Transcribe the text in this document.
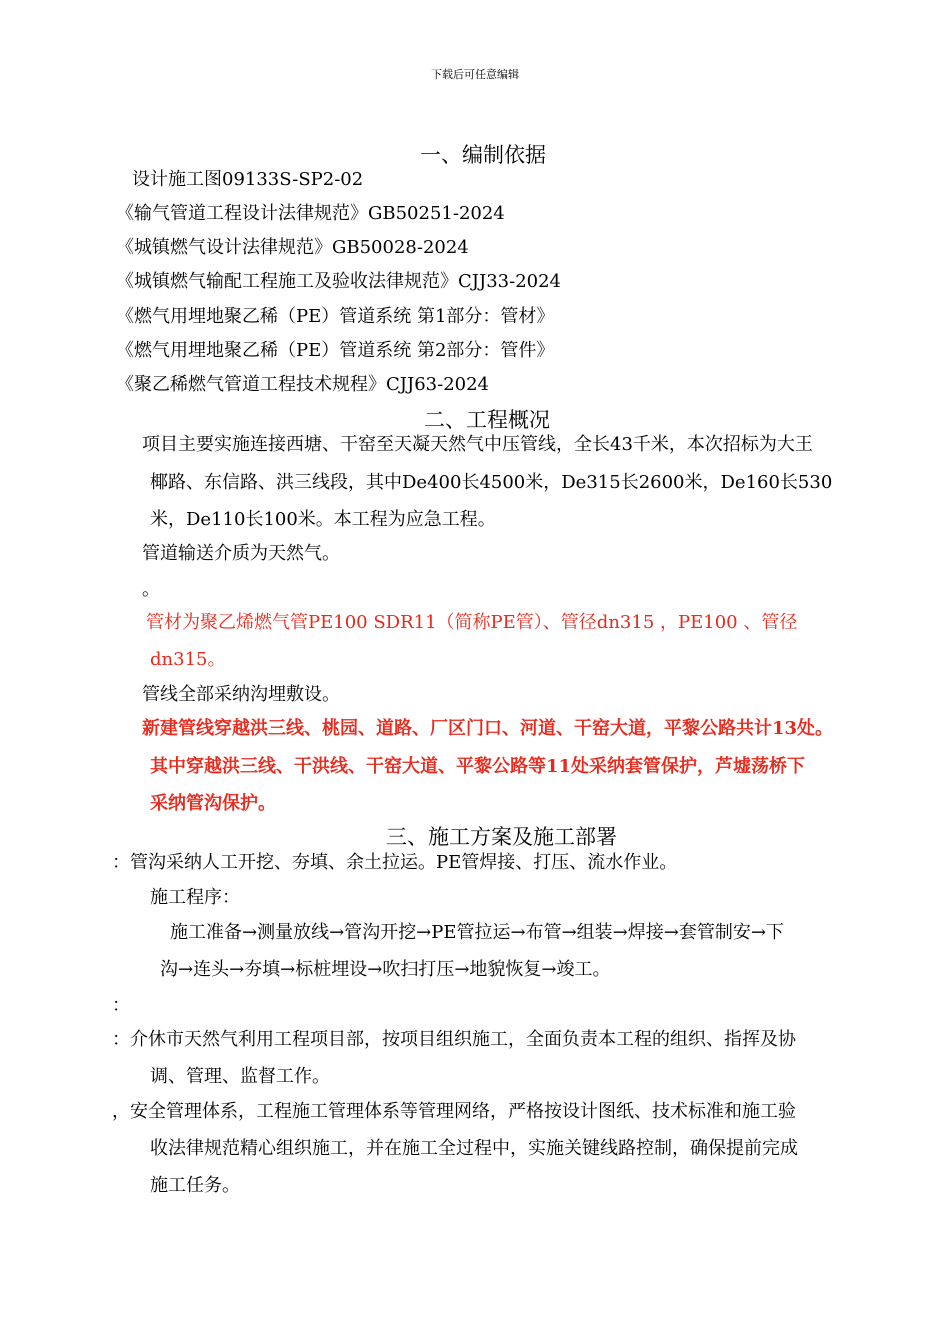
下载后可任意编辑
一、编制依据
设计施工图09133S-SP2-02
《输气管道工程设计法律规范》GB50251-2024
《城镇燃气设计法律规范》GB50028-2024
《城镇燃气输配工程施工及验收法律规范》CJJ33-2024
《燃气用埋地聚乙稀（PE）管道系统 第1部分：管材》
《燃气用埋地聚乙稀（PE）管道系统 第2部分：管件》
《聚乙稀燃气管道工程技术规程》CJJ63-2024
二、工程概况
项目主要实施连接西塘、干窑至天凝天然气中压管线，全长43千米，本次招标为大王
椰路、东信路、洪三线段，其中De400长4500米，De315长2600米，De160长530
米，De110长100米。本工程为应急工程。
管道输送介质为天然气。
。
管材为聚乙烯燃气管PE100 SDR11（简称PE管）、管径dn315 ，PE100 、管径
dn315。
管线全部采纳沟埋敷设。
新建管线穿越洪三线、桃园、道路、厂区门口、河道、干窑大道，平黎公路共计13处。
其中穿越洪三线、干洪线、干窑大道、平黎公路等11处采纳套管保护，芦墟荡桥下
采纳管沟保护。
三、施工方案及施工部署
：管沟采纳人工开挖、夯填、余土拉运。PE管焊接、打压、流水作业。
施工程序：
施工准备→测量放线→管沟开挖→PE管拉运→布管→组装→焊接→套管制安→下
沟→连头→夯填→标桩埋设→吹扫打压→地貌恢复→竣工。
：
：介休市天然气利用工程项目部，按项目组织施工，全面负责本工程的组织、指挥及协
调、管理、监督工作。
，安全管理体系，工程施工管理体系等管理网络，严格按设计图纸、技术标准和施工验
收法律规范精心组织施工，并在施工全过程中，实施关键线路控制，确保提前完成
施工任务。
